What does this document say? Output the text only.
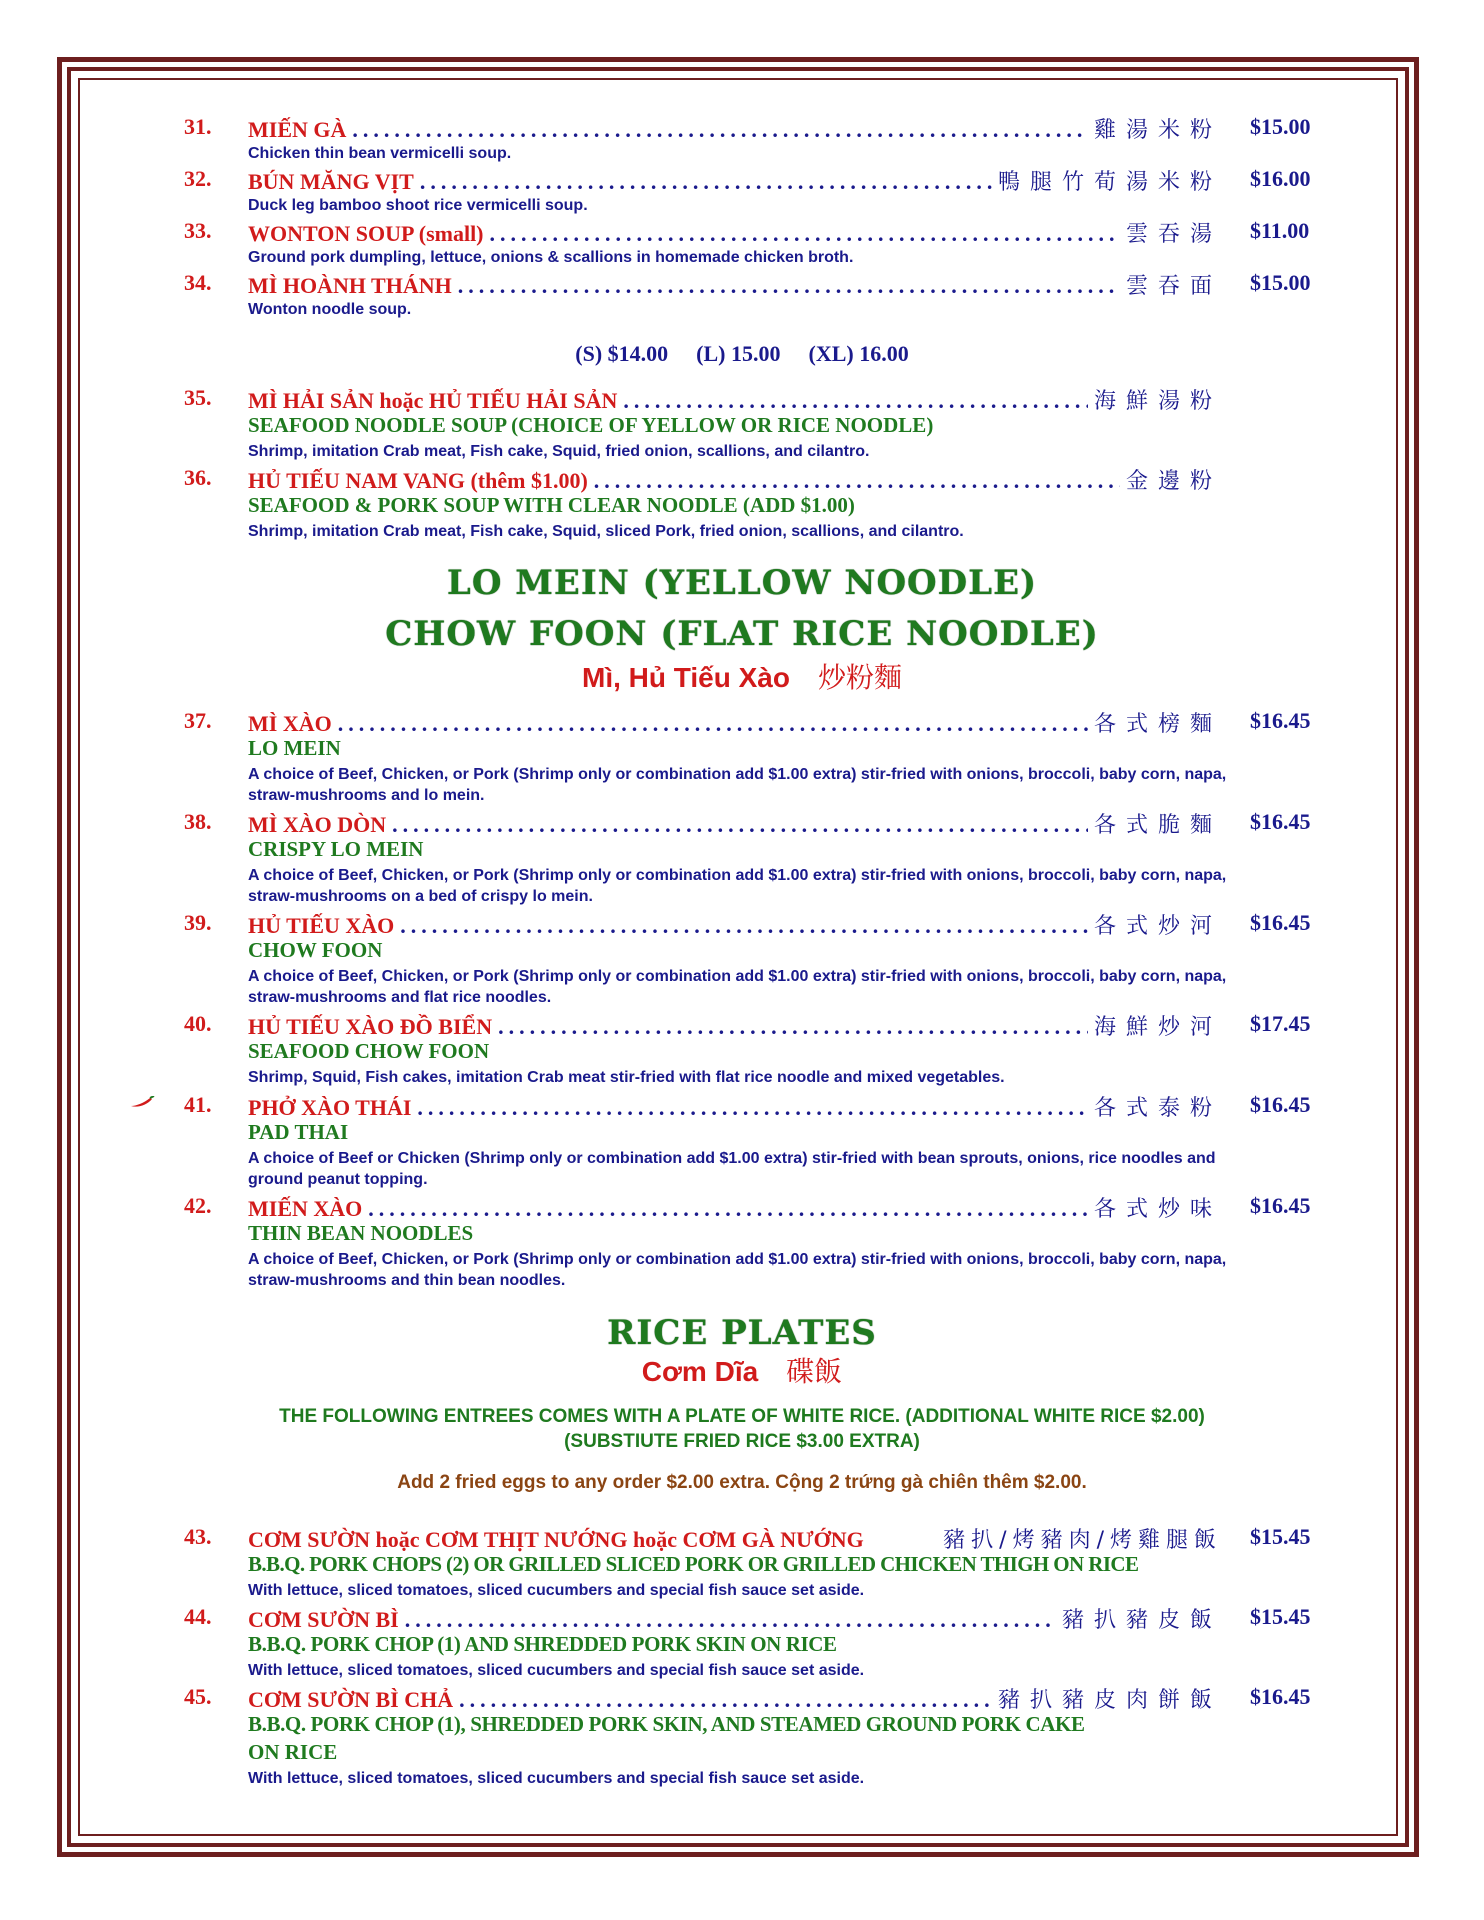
31. MIẾN GÀ .....	雞湯米粉 $15.00
Chicken thin bean vermicelli soup.
32. BÚN MĂNG VỊT .....	鴨腿竹荀湯米粉 $16.00
Duck leg bamboo shoot rice vermicelli soup.
33. WONTON SOUP (small) .....	雲吞湯 $11.00
Ground pork dumpling, lettuce, onions & scallions in homemade chicken broth.
34. MÌ HOÀNH THÁNH .....	雲吞面 $15.00
Wonton noodle soup.
(S) $14.00 (L) 15.00 (XL) 16.00
35. MÌ HẢI SẢN hoặc HỦ TIẾU HẢI SẢN .....	海鮮湯粉
SEAFOOD NOODLE SOUP (CHOICE OF YELLOW OR RICE NOODLE)
Shrimp, imitation Crab meat, Fish cake, Squid, fried onion, scallions, and cilantro.
36. HỦ TIẾU NAM VANG (thêm $1.00) .....	金邊粉
SEAFOOD & PORK SOUP WITH CLEAR NOODLE (ADD $1.00)
Shrimp, imitation Crab meat, Fish cake, Squid, sliced Pork, fried onion, scallions, and cilantro.
LO MEIN (YELLOW NOODLE)
CHOW FOON (FLAT RICE NOODLE)
Mì, Hủ Tiếu Xào 炒粉麵
37. MÌ XÀO .....	各式榜麵 $16.45
LO MEIN
A choice of Beef, Chicken, or Pork (Shrimp only or combination add $1.00 extra) stir-fried with onions, broccoli, baby corn, napa, straw-mushrooms and lo mein.
38. MÌ XÀO DÒN .....	各式脆麵 $16.45
CRISPY LO MEIN
A choice of Beef, Chicken, or Pork (Shrimp only or combination add $1.00 extra) stir-fried with onions, broccoli, baby corn, napa, straw-mushrooms on a bed of crispy lo mein.
39. HỦ TIẾU XÀO .....	各式炒河 $16.45
CHOW FOON
A choice of Beef, Chicken, or Pork (Shrimp only or combination add $1.00 extra) stir-fried with onions, broccoli, baby corn, napa, straw-mushrooms and flat rice noodles.
40. HỦ TIẾU XÀO ĐỒ BIỂN .....	海鮮炒河 $17.45
SEAFOOD CHOW FOON
Shrimp, Squid, Fish cakes, imitation Crab meat stir-fried with flat rice noodle and mixed vegetables.
41. PHỞ XÀO THÁI .....	各式泰粉 $16.45
PAD THAI
A choice of Beef or Chicken (Shrimp only or combination add $1.00 extra) stir-fried with bean sprouts, onions, rice noodles and ground peanut topping.
42. MIẾN XÀO .....	各式炒味 $16.45
THIN BEAN NOODLES
A choice of Beef, Chicken, or Pork (Shrimp only or combination add $1.00 extra) stir-fried with onions, broccoli, baby corn, napa, straw-mushrooms and thin bean noodles.
RICE PLATES
Cơm Dĩa 碟飯
THE FOLLOWING ENTREES COMES WITH A PLATE OF WHITE RICE. (ADDITIONAL WHITE RICE $2.00)
(SUBSTIUTE FRIED RICE $3.00 EXTRA)
Add 2 fried eggs to any order $2.00 extra. Cộng 2 trứng gà chiên thêm $2.00.
43. CƠM SƯỜN hoặc CƠM THỊT NƯỚNG hoặc CƠM GÀ NƯỚNG	豬扒/烤豬肉/烤雞腿飯 $15.45
B.B.Q. PORK CHOPS (2) OR GRILLED SLICED PORK OR GRILLED CHICKEN THIGH ON RICE
With lettuce, sliced tomatoes, sliced cucumbers and special fish sauce set aside.
44. CƠM SƯỜN BÌ .....	豬扒豬皮飯 $15.45
B.B.Q. PORK CHOP (1) AND SHREDDED PORK SKIN ON RICE
With lettuce, sliced tomatoes, sliced cucumbers and special fish sauce set aside.
45. CƠM SƯỜN BÌ CHẢ .....	豬扒豬皮肉餅飯 $16.45
B.B.Q. PORK CHOP (1), SHREDDED PORK SKIN, AND STEAMED GROUND PORK CAKE
ON RICE
With lettuce, sliced tomatoes, sliced cucumbers and special fish sauce set aside.
